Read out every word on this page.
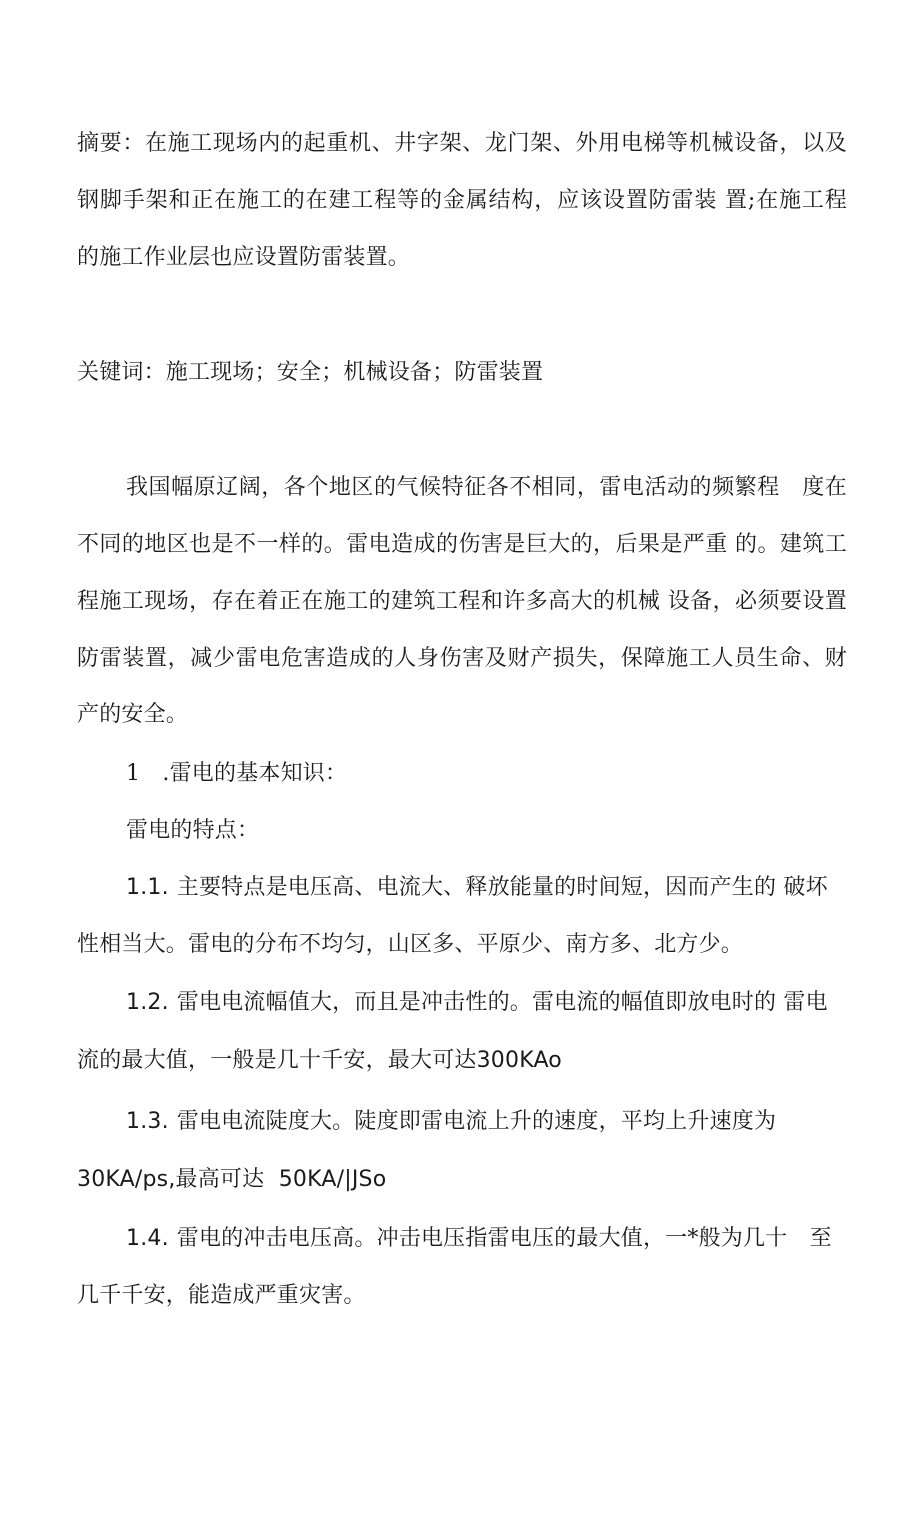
摘要：在施工现场内的起重机、井字架、龙门架、外用电梯等机械设备，以及
钢脚手架和正在施工的在建工程等的金属结构，应该设置防雷装 置;在施工程
的施工作业层也应设置防雷装置。
关键词：施工现场；安全；机械设备；防雷装置
我国幅原辽阔，各个地区的气候特征各不相同，雷电活动的频繁程　度在
不同的地区也是不一样的。雷电造成的伤害是巨大的，后果是严重 的。建筑工
程施工现场，存在着正在施工的建筑工程和许多高大的机械 设备，必须要设置
防雷装置，减少雷电危害造成的人身伤害及财产损失，保障施工人员生命、财
产的安全。
1　.雷电的基本知识：
雷电的特点：
1.1. 主要特点是电压高、电流大、释放能量的时间短，因而产生的 破坏
性相当大。雷电的分布不均匀，山区多、平原少、南方多、北方少。
1.2. 雷电电流幅值大，而且是冲击性的。雷电流的幅值即放电时的 雷电
流的最大值，一般是几十千安，最大可达300KAo
1.3. 雷电电流陡度大。陡度即雷电流上升的速度，平均上升速度为
30KA/ps,最高可达 50KA/|JSo
1.4. 雷电的冲击电压高。冲击电压指雷电压的最大值，一*般为几十　至
几千千安，能造成严重灾害。
